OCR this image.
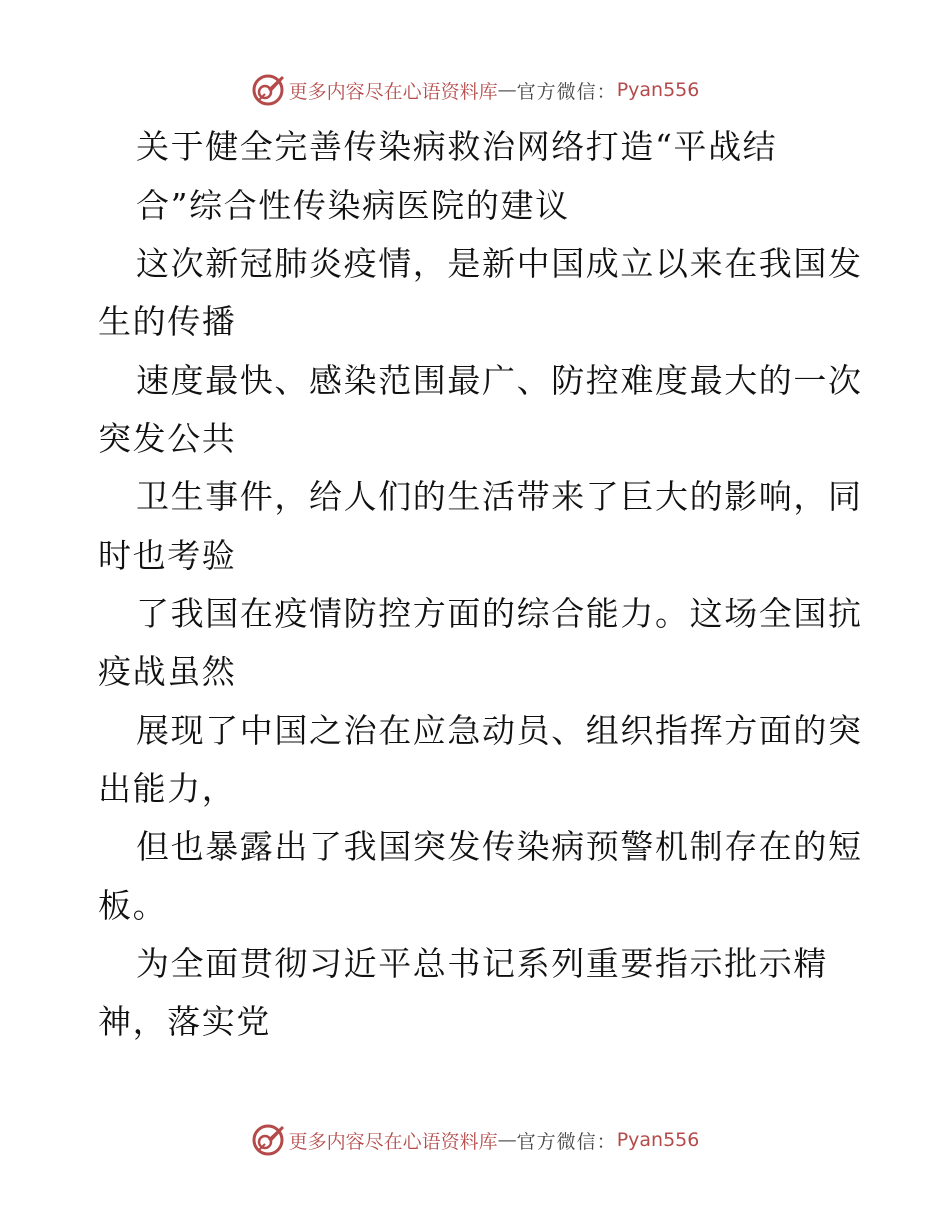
更多内容尽在心语资料库 — 官方微信： Pyan556
关于健全完善传染病救治网络打造“平战结
合”综合性传染病医院的建议
这次新冠肺炎疫情，是新中国成立以来在我国发
生的传播
速度最快、感染范围最广、防控难度最大的一次
突发公共
卫生事件，给人们的生活带来了巨大的影响，同
时也考验
了我国在疫情防控方面的综合能力。这场全国抗
疫战虽然
展现了中国之治在应急动员、组织指挥方面的突
出能力，
但也暴露出了我国突发传染病预警机制存在的短
板。
为全面贯彻习近平总书记系列重要指示批示精
神，落实党
更多内容尽在心语资料库 — 官方微信： Pyan556
